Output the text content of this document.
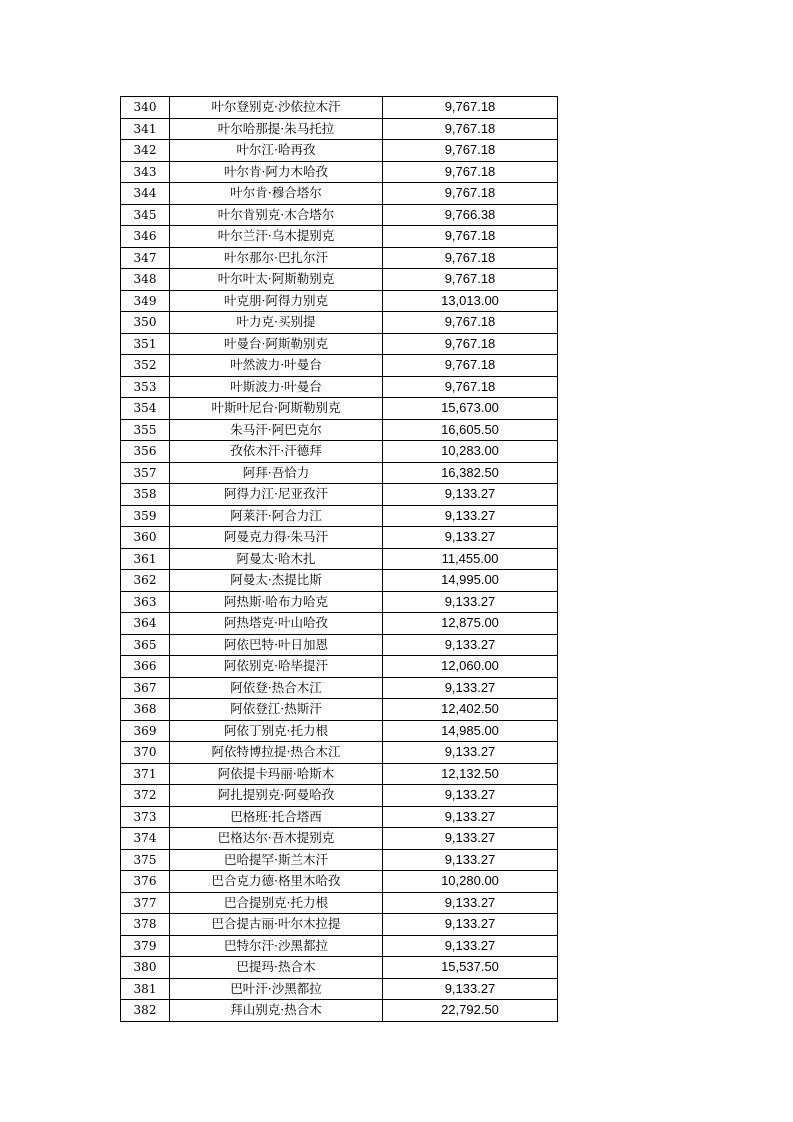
340	叶尔登别克·沙依拉木汗	9,767.18
341	叶尔哈那提·朱马托拉	9,767.18
342	叶尔江·哈再孜	9,767.18
343	叶尔肯·阿力木哈孜	9,767.18
344	叶尔肯·穆合塔尔	9,767.18
345	叶尔肯别克·木合塔尔	9,766.38
346	叶尔兰汗·乌木提别克	9,767.18
347	叶尔那尔·巴扎尔汗	9,767.18
348	叶尔叶太·阿斯勒别克	9,767.18
349	叶克朋·阿得力别克	13,013.00
350	叶力克·买别提	9,767.18
351	叶曼台·阿斯勒别克	9,767.18
352	叶然波力·叶曼台	9,767.18
353	叶斯波力·叶曼台	9,767.18
354	叶斯叶尼台·阿斯勒别克	15,673.00
355	朱马汗·阿巴克尔	16,605.50
356	孜依木汗·汗德拜	10,283.00
357	阿拜·吾恰力	16,382.50
358	阿得力江·尼亚孜汗	9,133.27
359	阿莱汗·阿合力江	9,133.27
360	阿曼克力得·朱马汗	9,133.27
361	阿曼太·哈木扎	11,455.00
362	阿曼太·杰提比斯	14,995.00
363	阿热斯·哈布力哈克	9,133.27
364	阿热塔克·叶山哈孜	12,875.00
365	阿依巴特·叶日加恩	9,133.27
366	阿依别克·哈毕提汗	12,060.00
367	阿依登·热合木江	9,133.27
368	阿依登江·热斯汗	12,402.50
369	阿依丁别克·托力根	14,985.00
370	阿依特博拉提·热合木江	9,133.27
371	阿依提卡玛丽·哈斯木	12,132.50
372	阿扎提别克·阿曼哈孜	9,133.27
373	巴格班·托合塔西	9,133.27
374	巴格达尔·吾木提别克	9,133.27
375	巴哈提罕·斯兰木汗	9,133.27
376	巴合克力德·格里木哈孜	10,280.00
377	巴合提别克·托力根	9,133.27
378	巴合提古丽·叶尔木拉提	9,133.27
379	巴特尔汗·沙黑都拉	9,133.27
380	巴提玛·热合木	15,537.50
381	巴叶汗·沙黑都拉	9,133.27
382	拜山别克·热合木	22,792.50
